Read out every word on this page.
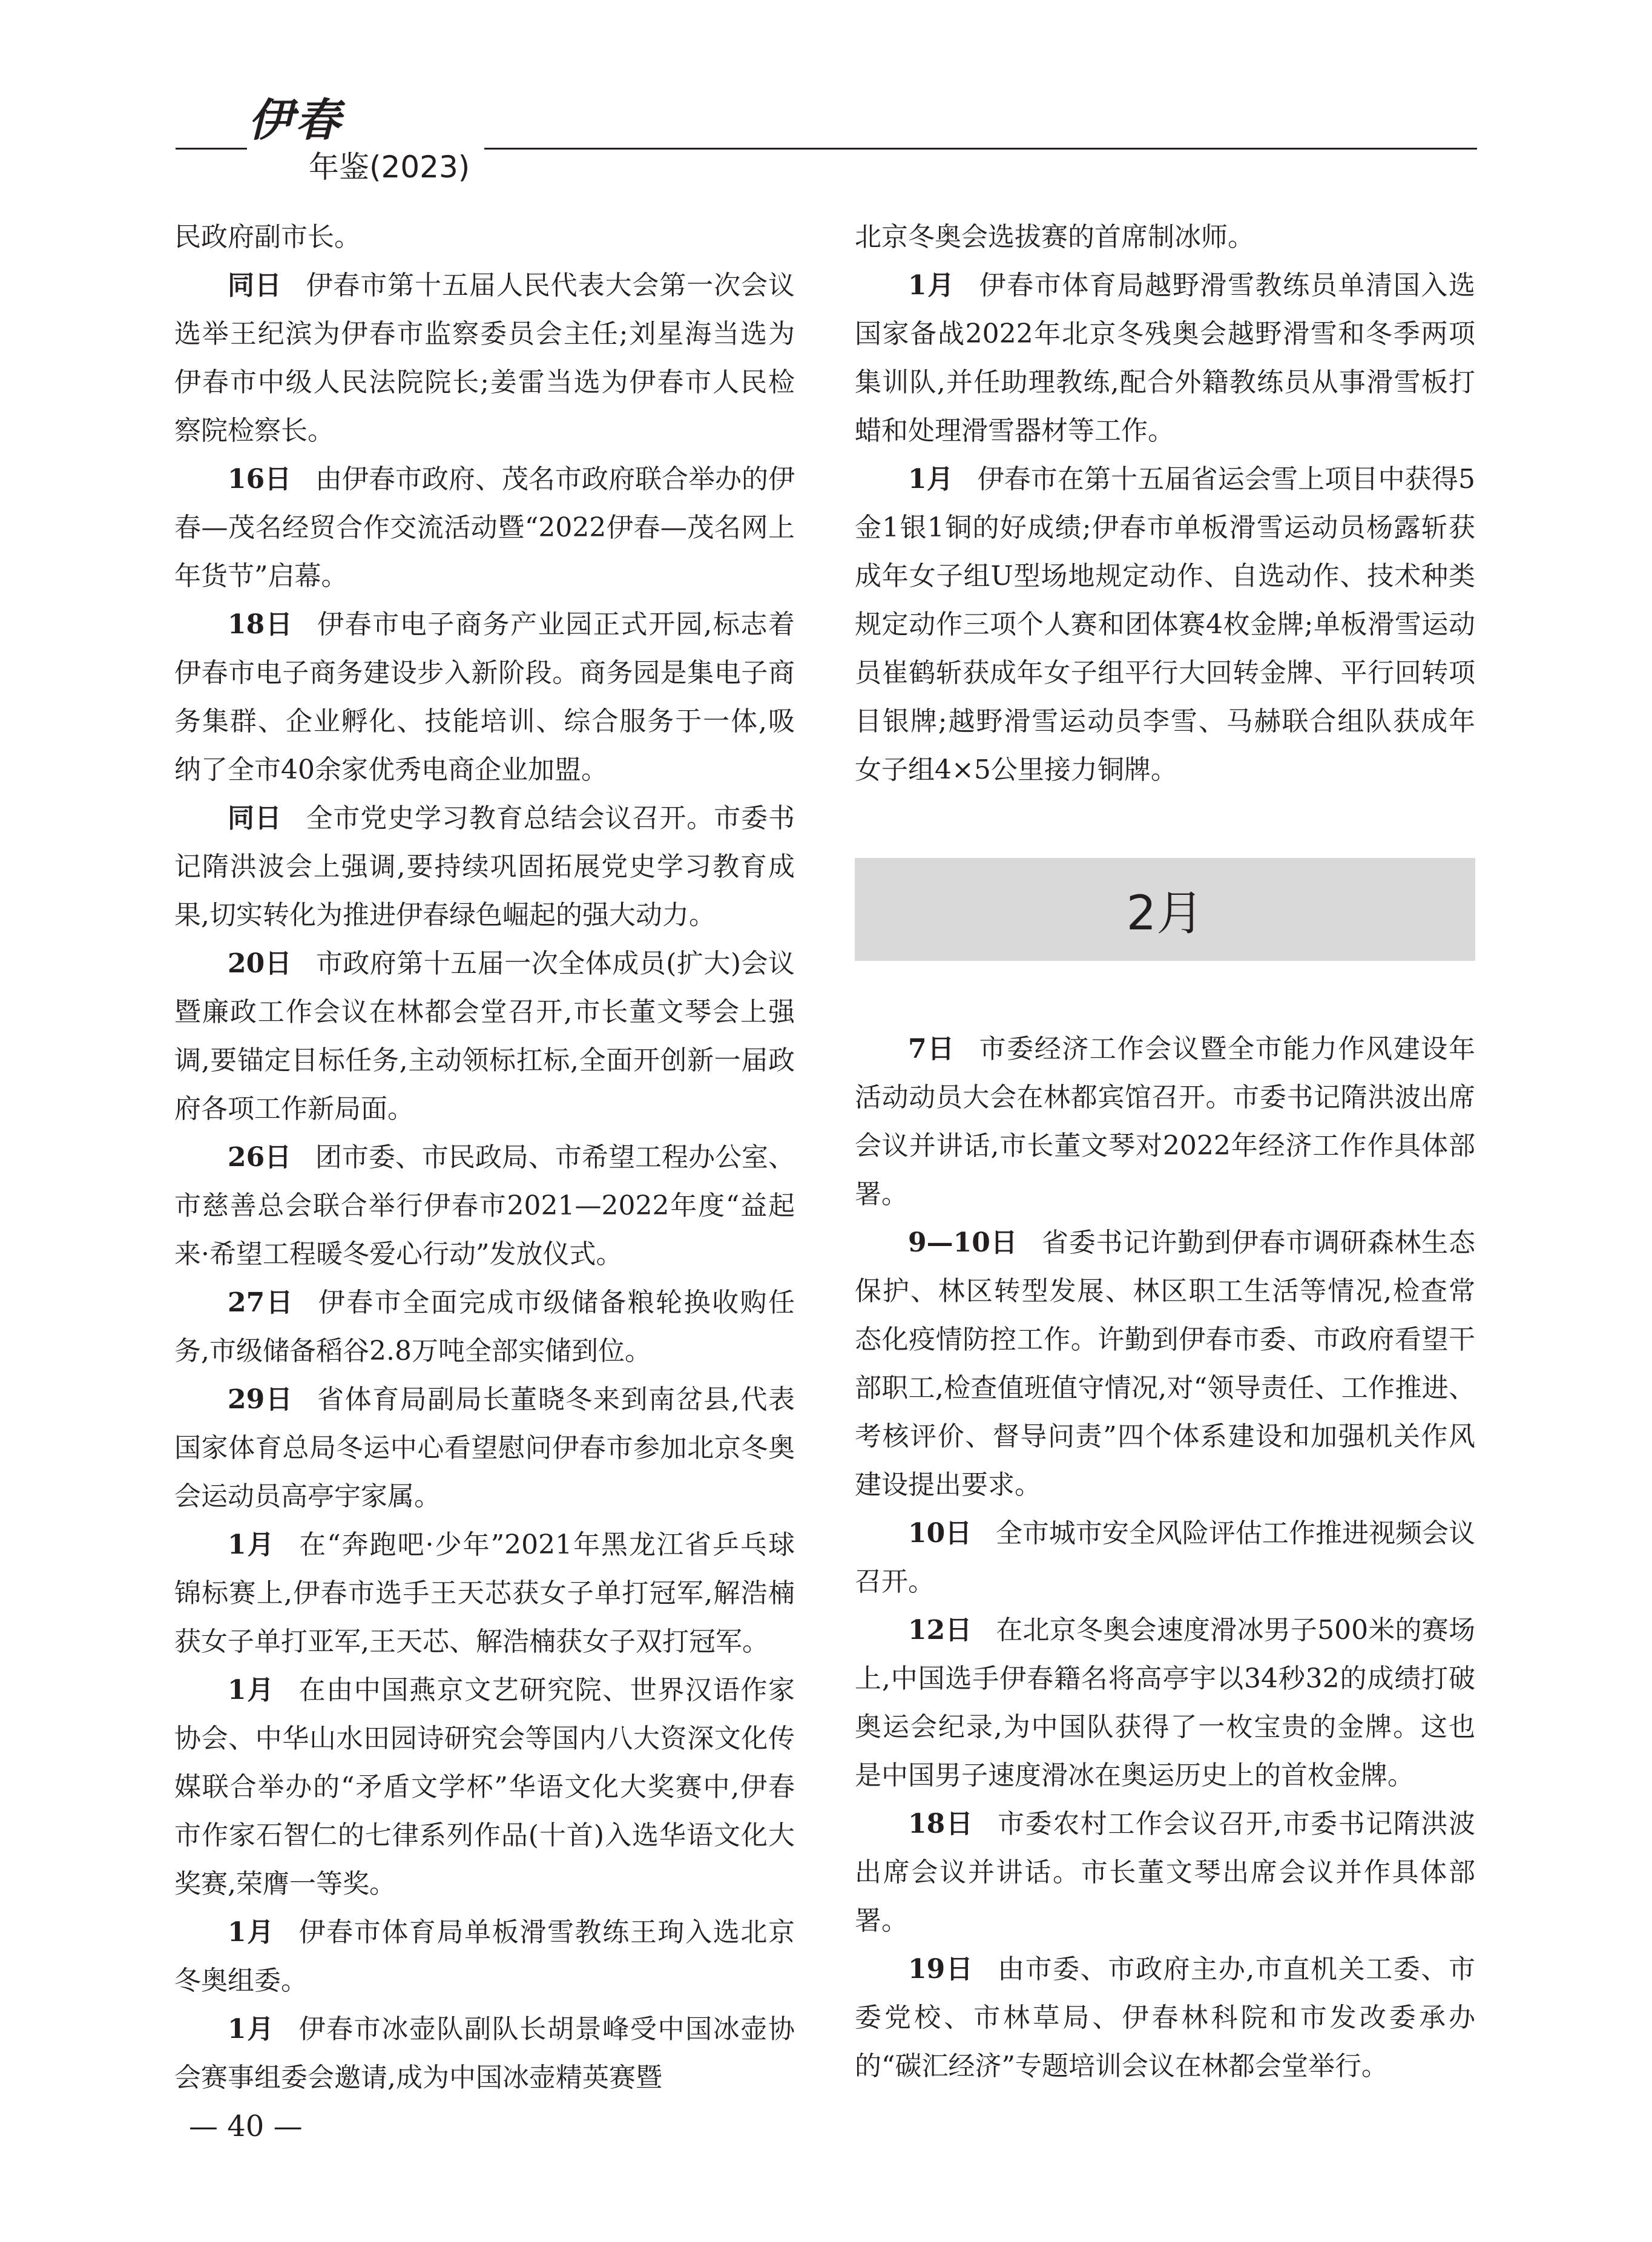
伊春
年鉴(2023)

民政府副市长。

同日 伊春市第十五届人民代表大会第一次会议选举王纪滨为伊春市监察委员会主任;刘星海当选为伊春市中级人民法院院长;姜雷当选为伊春市人民检察院检察长。

16日 由伊春市政府、茂名市政府联合举办的伊春—茂名经贸合作交流活动暨“2022伊春—茂名网上年货节”启幕。

18日 伊春市电子商务产业园正式开园,标志着伊春市电子商务建设步入新阶段。商务园是集电子商务集群、企业孵化、技能培训、综合服务于一体,吸纳了全市40余家优秀电商企业加盟。

同日 全市党史学习教育总结会议召开。市委书记隋洪波会上强调,要持续巩固拓展党史学习教育成果,切实转化为推进伊春绿色崛起的强大动力。

20日 市政府第十五届一次全体成员(扩大)会议暨廉政工作会议在林都会堂召开,市长董文琴会上强调,要锚定目标任务,主动领标扛标,全面开创新一届政府各项工作新局面。

26日 团市委、市民政局、市希望工程办公室、市慈善总会联合举行伊春市2021—2022年度“益起来·希望工程暖冬爱心行动”发放仪式。

27日 伊春市全面完成市级储备粮轮换收购任务,市级储备稻谷2.8万吨全部实储到位。

29日 省体育局副局长董晓冬来到南岔县,代表国家体育总局冬运中心看望慰问伊春市参加北京冬奥会运动员高亭宇家属。

1月 在“奔跑吧·少年”2021年黑龙江省乒乓球锦标赛上,伊春市选手王天芯获女子单打冠军,解浩楠获女子单打亚军,王天芯、解浩楠获女子双打冠军。

1月 在由中国燕京文艺研究院、世界汉语作家协会、中华山水田园诗研究会等国内八大资深文化传媒联合举办的“矛盾文学杯”华语文化大奖赛中,伊春市作家石智仁的七律系列作品(十首)入选华语文化大奖赛,荣膺一等奖。

1月 伊春市体育局单板滑雪教练王珣入选北京冬奥组委。

1月 伊春市冰壶队副队长胡景峰受中国冰壶协会赛事组委会邀请,成为中国冰壶精英赛暨

北京冬奥会选拔赛的首席制冰师。

1月 伊春市体育局越野滑雪教练员单清国入选国家备战2022年北京冬残奥会越野滑雪和冬季两项集训队,并任助理教练,配合外籍教练员从事滑雪板打蜡和处理滑雪器材等工作。

1月 伊春市在第十五届省运会雪上项目中获得5金1银1铜的好成绩;伊春市单板滑雪运动员杨露斩获成年女子组U型场地规定动作、自选动作、技术种类规定动作三项个人赛和团体赛4枚金牌;单板滑雪运动员崔鹤斩获成年女子组平行大回转金牌、平行回转项目银牌;越野滑雪运动员李雪、马赫联合组队获成年女子组4×5公里接力铜牌。

2月

7日 市委经济工作会议暨全市能力作风建设年活动动员大会在林都宾馆召开。市委书记隋洪波出席会议并讲话,市长董文琴对2022年经济工作作具体部署。

9—10日 省委书记许勤到伊春市调研森林生态保护、林区转型发展、林区职工生活等情况,检查常态化疫情防控工作。许勤到伊春市委、市政府看望干部职工,检查值班值守情况,对“领导责任、工作推进、考核评价、督导问责”四个体系建设和加强机关作风建设提出要求。

10日 全市城市安全风险评估工作推进视频会议召开。

12日 在北京冬奥会速度滑冰男子500米的赛场上,中国选手伊春籍名将高亭宇以34秒32的成绩打破奥运会纪录,为中国队获得了一枚宝贵的金牌。这也是中国男子速度滑冰在奥运历史上的首枚金牌。

18日 市委农村工作会议召开,市委书记隋洪波出席会议并讲话。市长董文琴出席会议并作具体部署。

19日 由市委、市政府主办,市直机关工委、市委党校、市林草局、伊春林科院和市发改委承办的“碳汇经济”专题培训会议在林都会堂举行。

— 40 —
